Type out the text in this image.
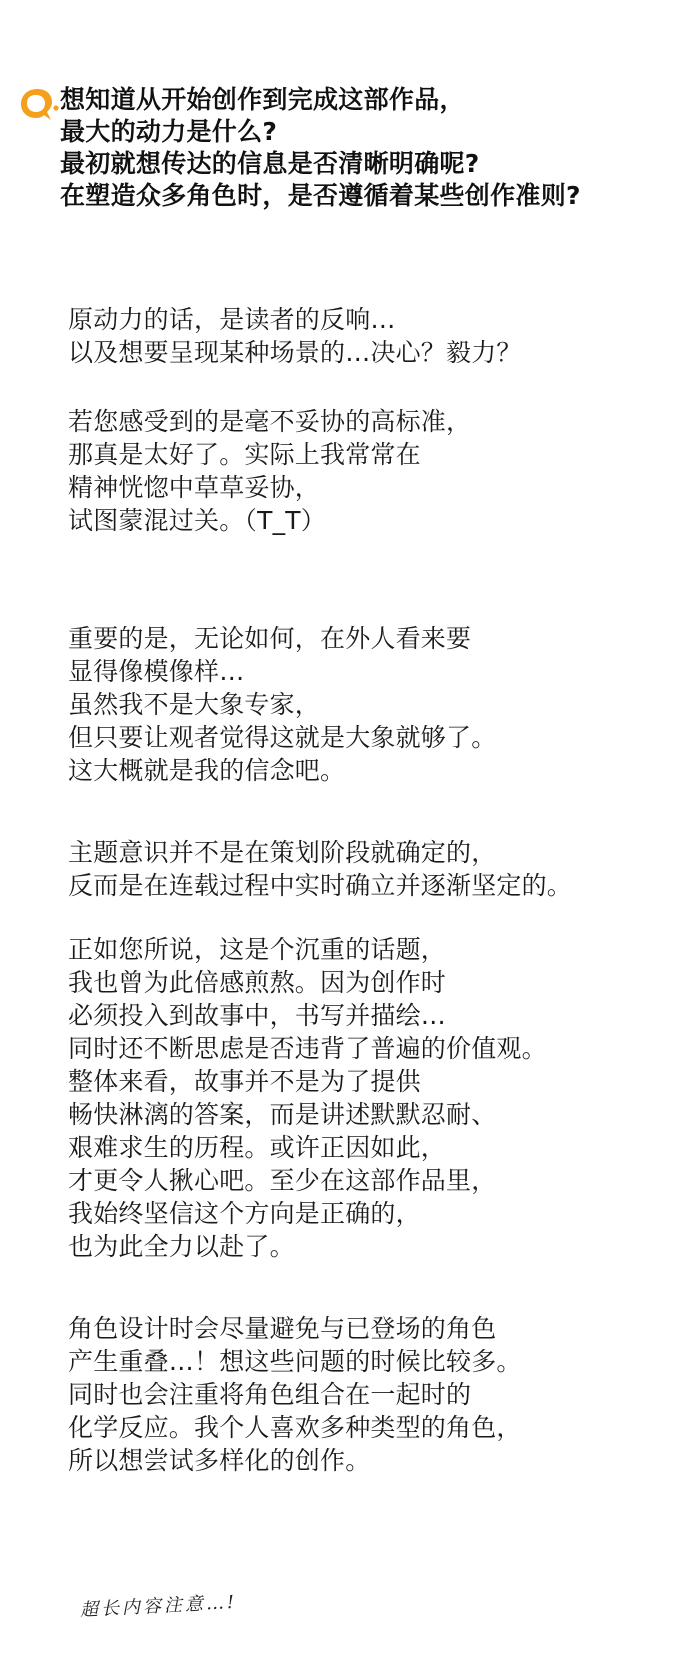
想知道从开始创作到完成这部作品，
最大的动力是什么?
最初就想传达的信息是否清晰明确呢?
在塑造众多角色时，是否遵循着某些创作准则?
原动力的话，是读者的反响…
以及想要呈现某种场景的…决心？毅力？
若您感受到的是毫不妥协的高标准，
那真是太好了。实际上我常常在
精神恍惚中草草妥协，
试图蒙混过关。（T_T）
重要的是，无论如何，在外人看来要
显得像模像样…
虽然我不是大象专家，
但只要让观者觉得这就是大象就够了。
这大概就是我的信念吧。
主题意识并不是在策划阶段就确定的，
反而是在连载过程中实时确立并逐渐坚定的。
正如您所说，这是个沉重的话题，
我也曾为此倍感煎熬。因为创作时
必须投入到故事中，书写并描绘…
同时还不断思虑是否违背了普遍的价值观。
整体来看，故事并不是为了提供
畅快淋漓的答案，而是讲述默默忍耐、
艰难求生的历程。或许正因如此，
才更令人揪心吧。至少在这部作品里，
我始终坚信这个方向是正确的，
也为此全力以赴了。
角色设计时会尽量避免与已登场的角色
产生重叠…！想这些问题的时候比较多。
同时也会注重将角色组合在一起时的
化学反应。我个人喜欢多种类型的角色，
所以想尝试多样化的创作。
超长内容注意…!
